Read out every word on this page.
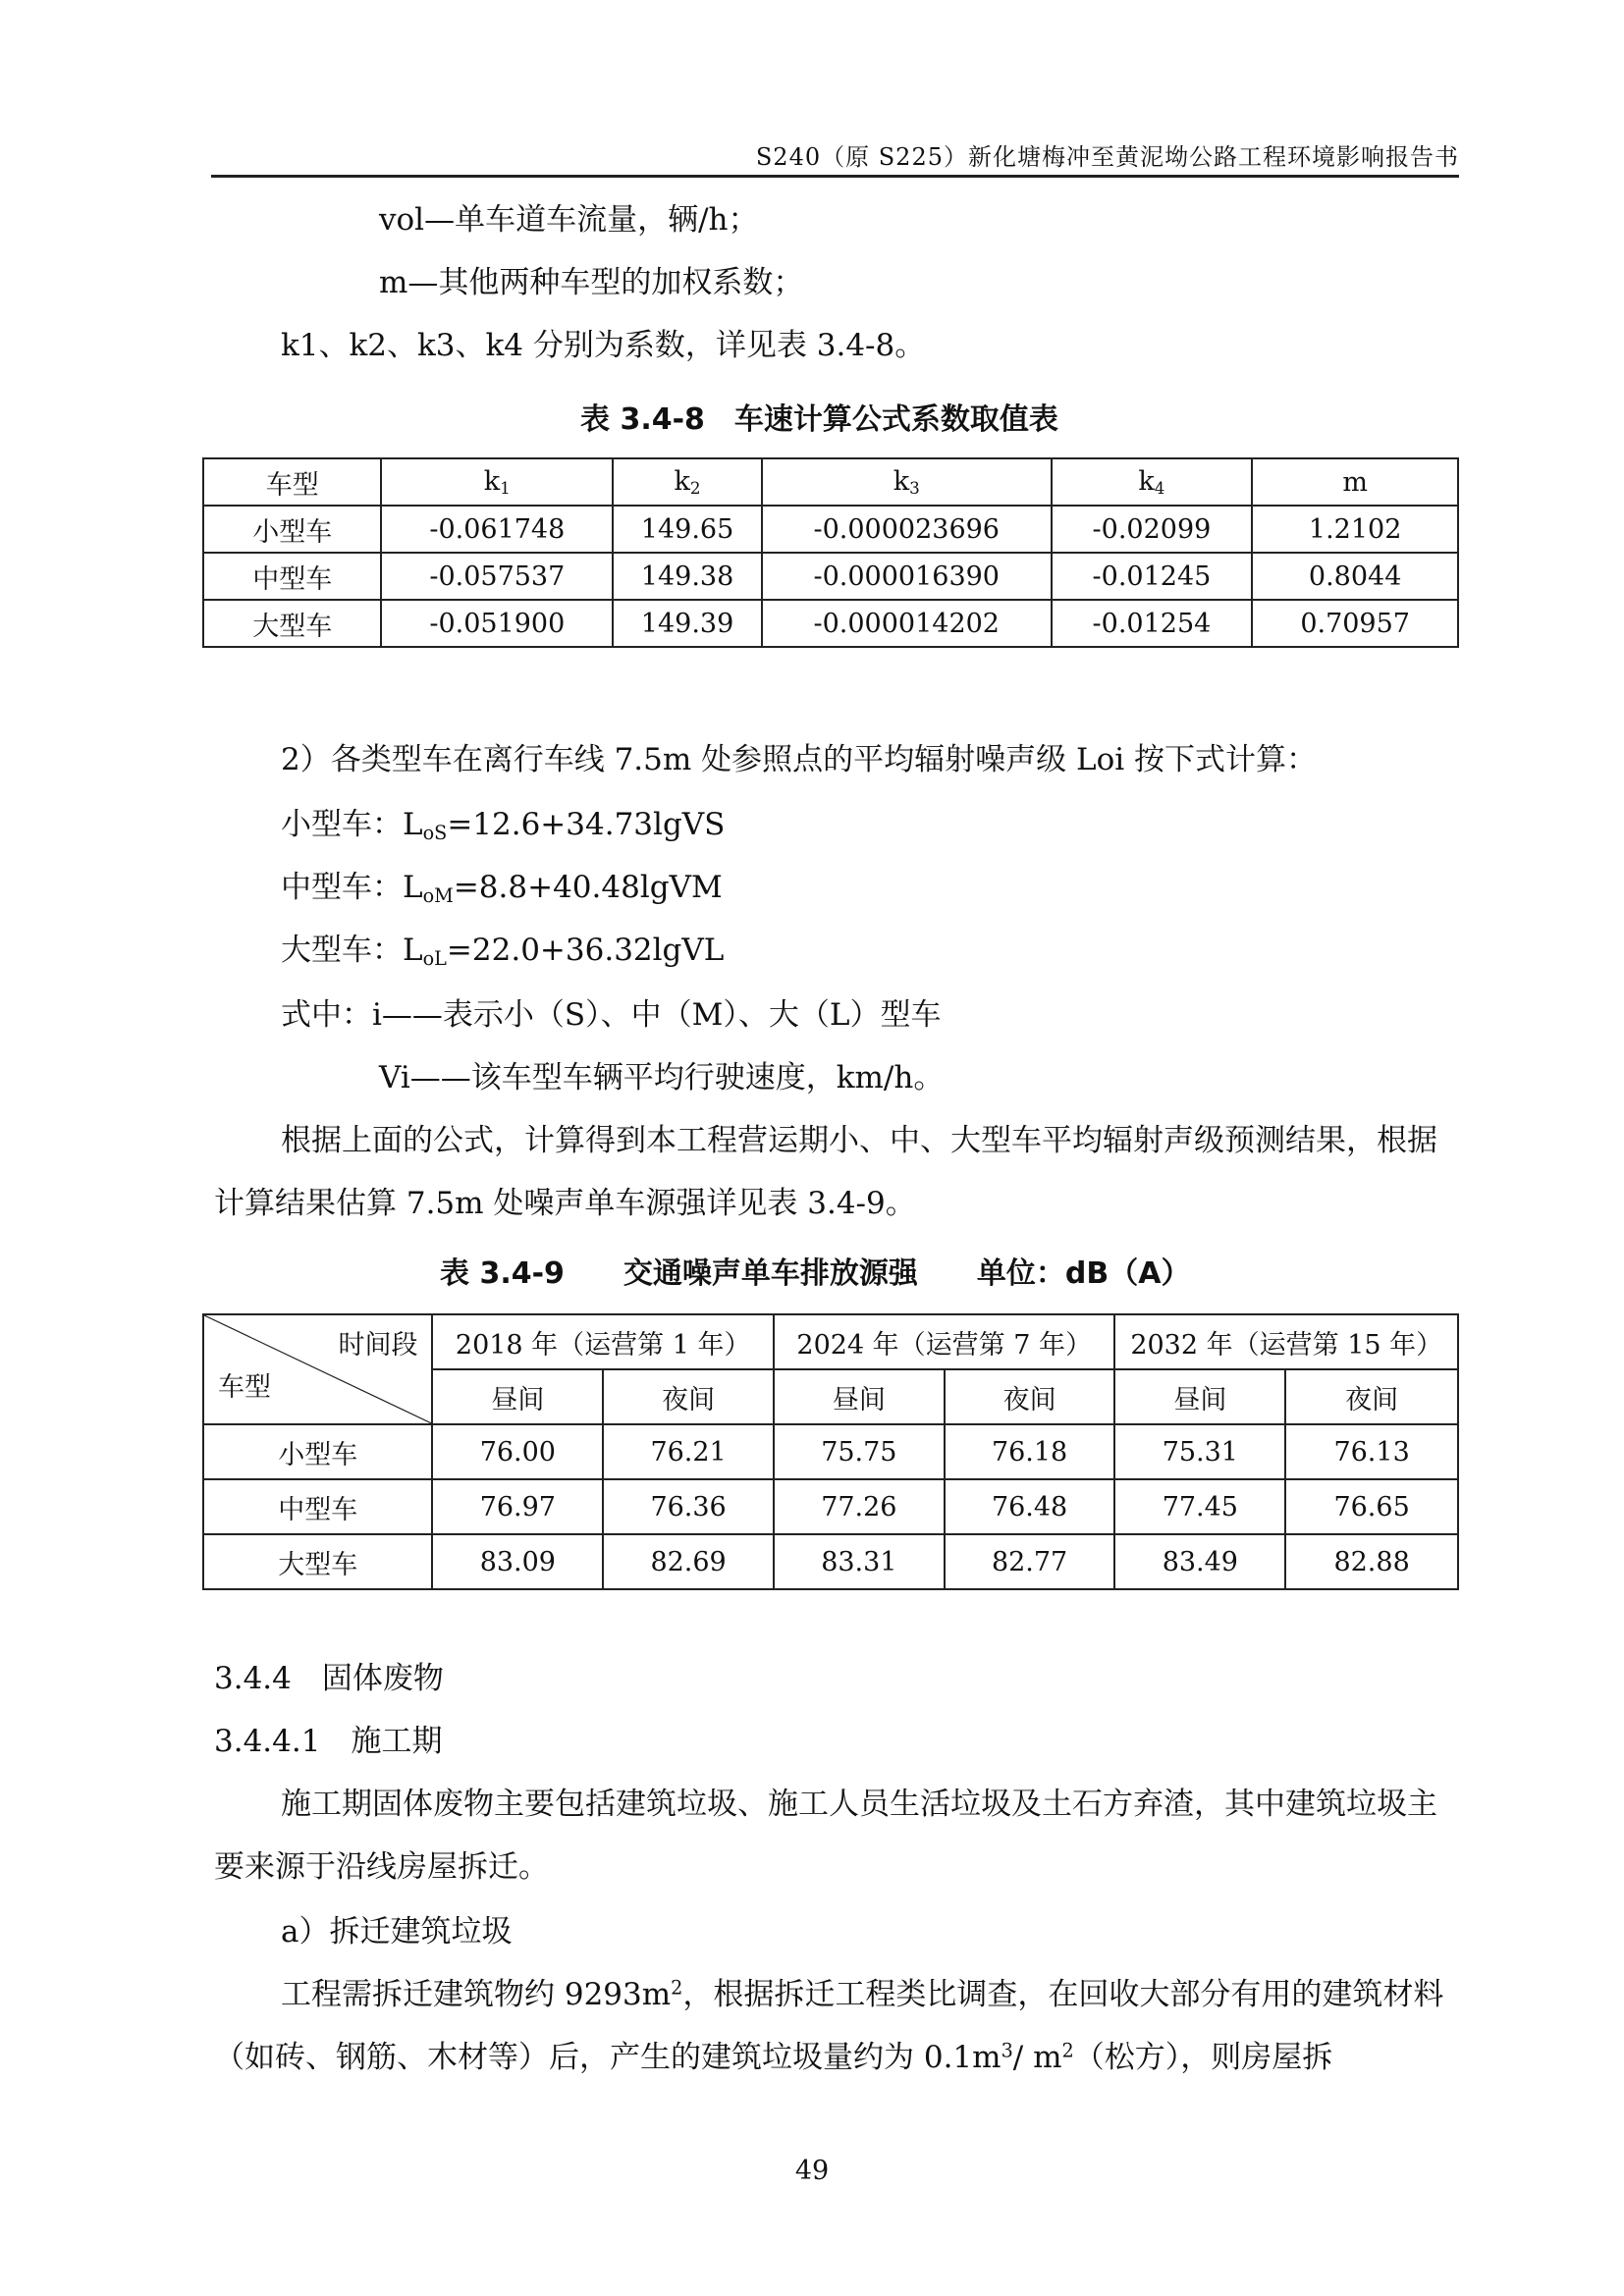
S240（原 S225）新化塘梅冲至黄泥坳公路工程环境影响报告书
vol—单车道车流量，辆/h；
m—其他两种车型的加权系数；
k1、k2、k3、k4 分别为系数，详见表 3.4-8。
表 3.4-8　车速计算公式系数取值表
车型	$k_1$	$k_2$	$k_3$	$k_4$	m
小型车	-0.061748	149.65	-0.000023696	-0.02099	1.2102
中型车	-0.057537	149.38	-0.000016390	-0.01245	0.8044
大型车	-0.051900	149.39	-0.000014202	-0.01254	0.70957
2）各类型车在离行车线 7.5m 处参照点的平均辐射噪声级 Loi 按下式计算：
小型车：$L_{oS}=12.6+34.73lgVS$
中型车：$L_{oM}=8.8+40.48lgVM$
大型车：$L_{oL}=22.0+36.32lgVL$
式中：i——表示小（S）、中（M）、大（L）型车
Vi——该车型车辆平均行驶速度，km/h。
根据上面的公式，计算得到本工程营运期小、中、大型车平均辐射声级预测结果，根据计算结果估算 7.5m 处噪声单车源强详见表 3.4-9。
表 3.4-9　　交通噪声单车排放源强　　单位：dB（A）
时间段
车型	2018 年（运营第 1 年）		2024 年（运营第 7 年）		2032 年（运营第 15 年）	
	昼间	夜间	昼间	夜间	昼间	夜间
小型车	76.00	76.21	75.75	76.18	75.31	76.13
中型车	76.97	76.36	77.26	76.48	77.45	76.65
大型车	83.09	82.69	83.31	82.77	83.49	82.88
3.4.4　固体废物
3.4.4.1　施工期
施工期固体废物主要包括建筑垃圾、施工人员生活垃圾及土石方弃渣，其中建筑垃圾主要来源于沿线房屋拆迁。
a）拆迁建筑垃圾
工程需拆迁建筑物约 $9293m^2$，根据拆迁工程类比调查，在回收大部分有用的建筑材料（如砖、钢筋、木材等）后，产生的建筑垃圾量约为 $0.1m^3/$ $m^2$（松方），则房屋拆
49
